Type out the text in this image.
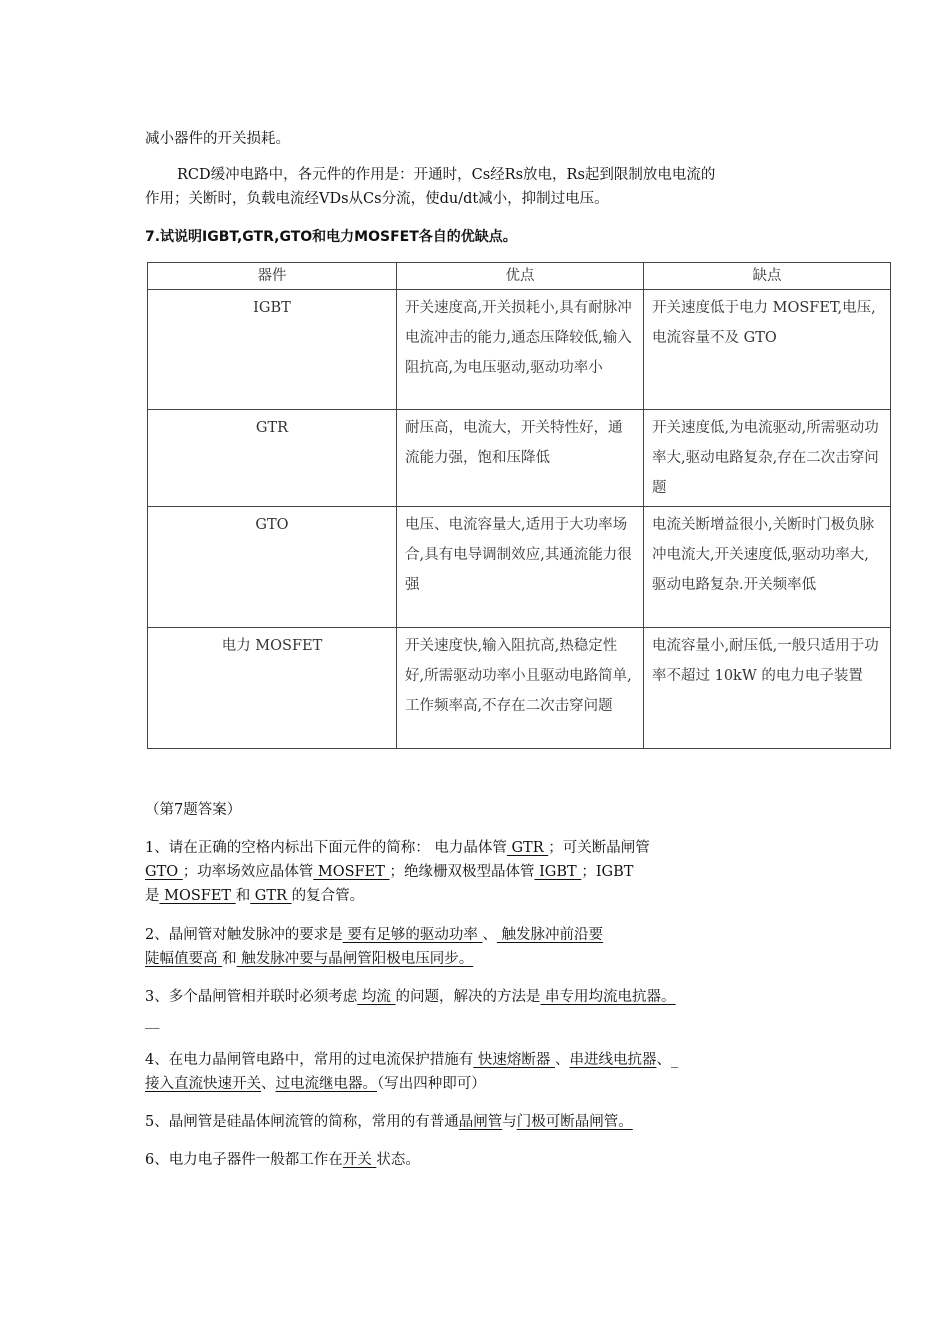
减小器件的开关损耗。
RCD缓冲电路中，各元件的作用是：开通时，Cs经Rs放电，Rs起到限制放电电流的
作用；关断时，负载电流经VDs从Cs分流，使du/dt减小，抑制过电压。
7.试说明IGBT,GTR,GTO和电力MOSFET各自的优缺点。
器件	优点	缺点
IGBT	开关速度高,开关损耗小,具有耐脉冲电流冲击的能力,通态压降较低,输入阻抗高,为电压驱动,驱动功率小	开关速度低于电力 MOSFET,电压,电流容量不及 GTO
GTR	耐压高，电流大，开关特性好，通流能力强，饱和压降低	开关速度低,为电流驱动,所需驱动功率大,驱动电路复杂,存在二次击穿问题
GTO	电压、电流容量大,适用于大功率场合,具有电导调制效应,其通流能力很强	电流关断增益很小,关断时门极负脉冲电流大,开关速度低,驱动功率大,驱动电路复杂.开关频率低
电力 MOSFET	开关速度快,输入阻抗高,热稳定性好,所需驱动功率小且驱动电路简单,工作频率高,不存在二次击穿问题	电流容量小,耐压低,一般只适用于功率不超过 10kW 的电力电子装置
（第7题答案）
1、请在正确的空格内标出下面元件的简称： 电力晶体管 GTR ；可关断晶闸管
GTO ；功率场效应晶体管 MOSFET ；绝缘栅双极型晶体管 IGBT ；IGBT
是 MOSFET 和 GTR 的复合管。
2、晶闸管对触发脉冲的要求是 要有足够的驱动功率 、 触发脉冲前沿要
陡幅值要高 和 触发脉冲要与晶闸管阳极电压同步。
3、多个晶闸管相并联时必须考虑 均流 的问题，解决的方法是 串专用均流电抗器。
__
4、在电力晶闸管电路中，常用的过电流保护措施有 快速熔断器 、串进线电抗器、_
接入直流快速开关、过电流继电器。（写出四种即可）
5、晶闸管是硅晶体闸流管的简称，常用的有普通晶闸管与门极可断晶闸管。
6、电力电子器件一般都工作在开关 状态。
